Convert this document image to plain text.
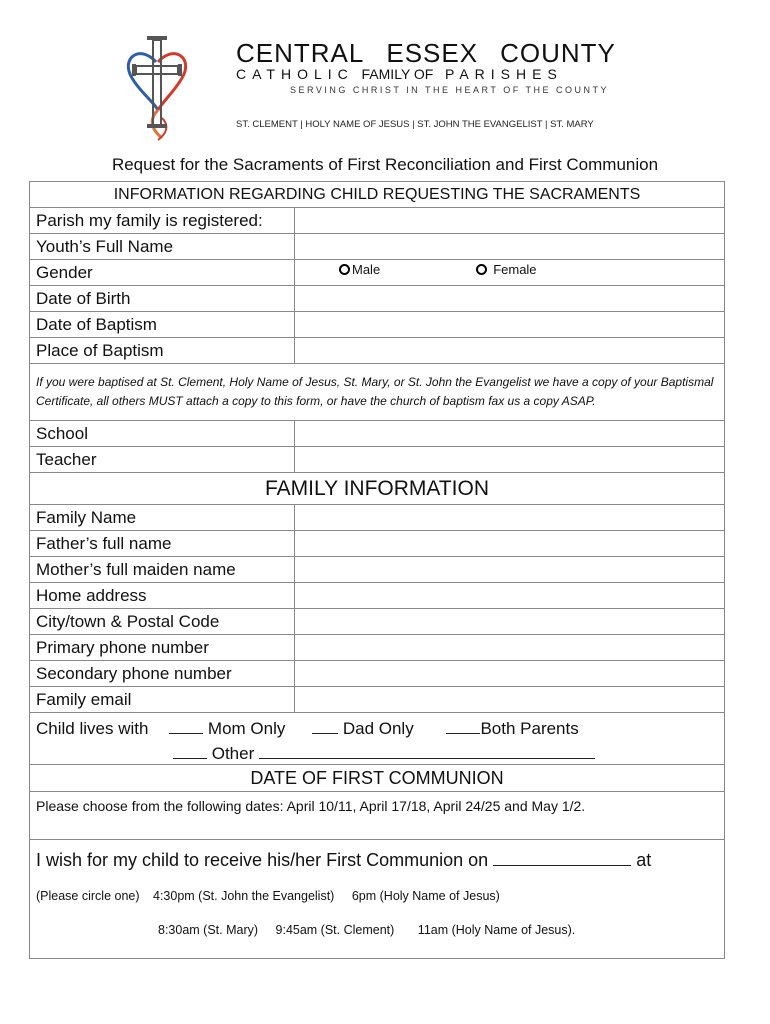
CENTRAL ESSEX COUNTY
CATHOLIC FAMILY OF PARISHES
SERVING CHRIST IN THE HEART OF THE COUNTY
ST. CLEMENT | HOLY NAME OF JESUS | ST. JOHN THE EVANGELIST | ST. MARY
Request for the Sacraments of First Reconciliation and First Communion
INFORMATION REGARDING CHILD REQUESTING THE SACRAMENTS
Parish my family is registered:
Youth’s Full Name
Gender	Male	Female
Date of Birth
Date of Baptism
Place of Baptism
If you were baptised at St. Clement, Holy Name of Jesus, St. Mary, or St. John the Evangelist we have a copy of your Baptismal Certificate, all others MUST attach a copy to this form, or have the church of baptism fax us a copy ASAP.
School
Teacher
FAMILY INFORMATION
Family Name
Father’s full name
Mother’s full maiden name
Home address
City/town & Postal Code
Primary phone number
Secondary phone number
Family email
Child lives with	Mom Only	Dad Only	Both Parents
Other
DATE OF FIRST COMMUNION
Please choose from the following dates: April 10/11, April 17/18, April 24/25 and May 1/2.
I wish for my child to receive his/her First Communion on	at
(Please circle one) 4:30pm (St. John the Evangelist) 6pm (Holy Name of Jesus)
8:30am (St. Mary) 9:45am (St. Clement) 11am (Holy Name of Jesus).
